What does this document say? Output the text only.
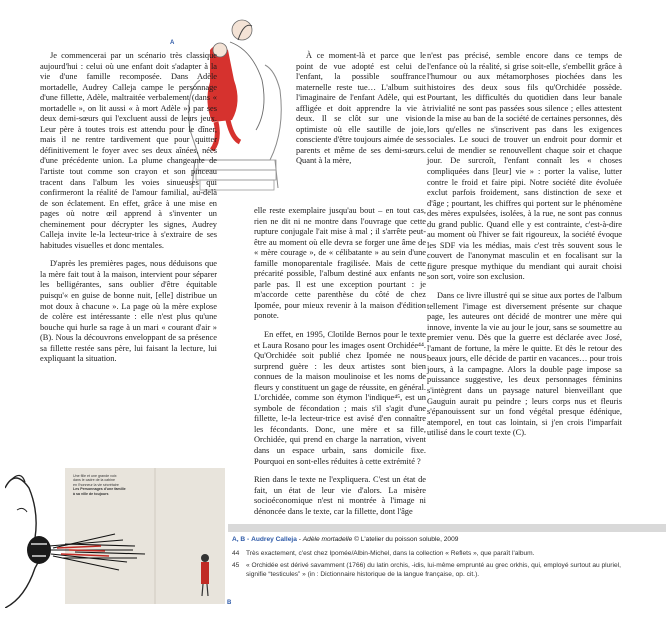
A
Une fille et une grande voix
dans le cadre de la cabine
en l'honneur la vie sécrétaire
Les Personnages d'une famille
à sa ville de toujours
B

Je commencerai par un scénario très classique aujourd'hui : celui où une enfant doit s'adapter à la vie d'une famille recomposée. Dans Adèle mortadelle, Audrey Calleja campe le personnage d'une fillette, Adèle, maltraitée verbalement (dans « mortadelle », on lit aussi « à mort Adèle ») par ses deux demi-sœurs qui l'excluent aussi de leurs jeux. Leur père à toutes trois est attendu pour le dîner, mais il ne rentre tardivement que pour quitter définitivement le foyer avec ses deux aînées, nées d'une précédente union. La plume changeante de l'artiste tout comme son crayon et son pinceau tracent dans l'album les voies sinueuses qui confirmeront la réalité de l'amour familial, au-delà de son éclatement. En effet, grâce à une mise en pages où notre œil apprend à s'inventer un cheminement pour décrypter les signes, Audrey Calleja invite le-la lecteur-trice à s'extraire de ses habitudes visuelles et donc mentales.

D'après les premières pages, nous déduisons que la mère fait tout à la maison, intervient pour séparer les belligérantes, sans oublier d'être équitable puisqu'« en guise de bonne nuit, [elle] distribue un mot doux à chacune ». La page où la mère explose de colère est intéressante : elle n'est plus qu'une bouche qui hurle sa rage à un mari « courant d'air » (B). Nous la découvrons enveloppant de sa présence sa fillette restée sans père, lui faisant la lecture, lui expliquant la situation.

À ce moment-là et parce que le point de vue adopté est celui de l'enfant, la possible souffrance maternelle reste tue… L'album suit l'imaginaire de l'enfant Adèle, qui est affligée et doit apprendre la vie à deux. Il se clôt sur une vision optimiste où elle sautille de joie, consciente d'être toujours aimée de ses parents et même de ses demi-sœurs. Quant à la mère,

elle reste exemplaire jusqu'au bout – en tout cas, rien ne dit ni ne montre dans l'ouvrage que cette rupture conjugale l'ait mise à mal ; il s'arrête peut-être au moment où elle devra se forger une âme de « mère courage », de « célibatante » au sein d'une famille monoparentale fragilisée. Mais de cette précarité possible, l'album destiné aux enfants ne parle pas. Il est une exception pourtant : je m'accorde cette parenthèse du côté de chez Ipomée, pour mieux revenir à la maison d'édition ponote.

En effet, en 1995, Clotilde Bernos pour le texte et Laura Rosano pour les images osent Orchidée⁴⁴. Qu'Orchidée soit publié chez Ipomée ne nous surprend guère : les deux artistes sont bien connues de la maison moulinoise et les noms de fleurs y constituent un gage de réussite, en général. L'orchidée, comme son étymon l'indique⁴⁵, est un symbole de fécondation ; mais s'il s'agit d'une fillette, le-la lecteur-trice est avisé d'en connaître les fécondants. Donc, une mère et sa fille, Orchidée, qui prend en charge la narration, vivent dans un espace urbain, sans domicile fixe. Pourquoi en sont-elles réduites à cette extrémité ?

Rien dans le texte ne l'expliquera. C'est un état de fait, un état de leur vie d'alors. La misère socioéconomique n'est ni montrée à l'image ni dénoncée dans le texte, car la fillette, dont l'âge

n'est pas précisé, semble encore dans ce temps de l'enfance où la réalité, si grise soit-elle, s'embellit grâce à l'humour ou aux métamorphoses piochées dans les histoires des deux sous fils qu'Orchidée possède. Pourtant, les difficultés du quotidien dans leur banale trivialité ne sont pas passées sous silence ; elles attestent de la mise au ban de la société de certaines personnes, dès lors qu'elles ne s'inscrivent pas dans les exigences sociales. Le souci de trouver un endroit pour dormir et celui de mendier se renouvellent chaque soir et chaque jour. De surcroît, l'enfant connaît les « choses compliquées dans [leur] vie » : porter la valise, lutter contre le froid et faire pipi. Notre société dite évoluée exclut parfois froidement, sans distinction de sexe et d'âge ; pourtant, les chiffres qui portent sur le phénomène des mères expulsées, isolées, à la rue, ne sont pas connus du grand public. Quand elle y est contrainte, c'est-à-dire au moment où l'hiver se fait rigoureux, la société évoque les SDF via les médias, mais c'est très souvent sous le couvert de l'anonymat masculin et en focalisant sur la figure presque mythique du mendiant qui aurait choisi son sort, voire son exclusion.

Dans ce livre illustré qui se situe aux portes de l'album tellement l'image est diversement présente sur chaque page, les auteures ont décidé de montrer une mère qui innove, invente la vie au jour le jour, sans se soumettre au premier venu. Dès que la guerre est déclarée avec José, l'amant de fortune, la mère le quitte. Et dès le retour des beaux jours, elle décide de partir en vacances… pour trois jours, à la campagne. Alors la double page impose sa puissance suggestive, les deux personnages féminins s'intègrent dans un paysage naturel bienveillant que Gauguin aurait pu peindre ; leurs corps nus et fleuris s'épanouissent sur un fond végétal presque édénique, atemporel, en tout cas lointain, si j'en crois l'imparfait utilisé dans le court texte (C).

A, B - Audrey Calleja - Adèle mortadelle © L'atelier du poisson soluble, 2009
44	Très exactement, c'est chez Ipomée/Albin-Michel, dans la collection « Reflets », que paraît l'album.
45	« Orchidée est dérivé savamment (1766) du latin orchis, -idis, lui-même emprunté au grec orkhis, qui, employé surtout au pluriel, signifie “testicules” » (in : Dictionnaire historique de la langue française, op. cit.).
